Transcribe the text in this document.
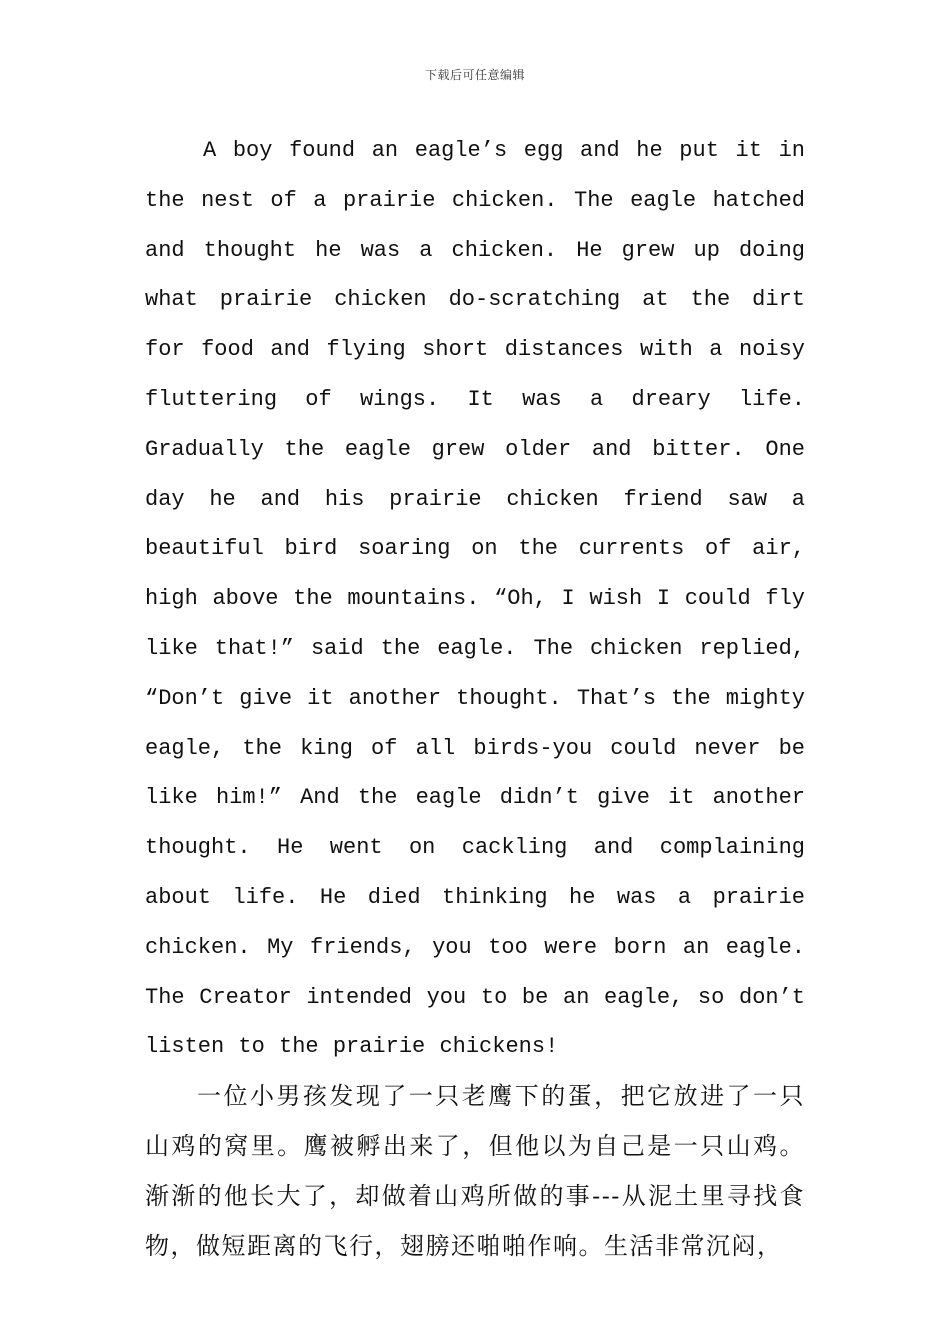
下载后可任意编辑

A boy found an eagle’s egg and he put it in the nest of a prairie chicken. The eagle hatched and thought he was a chicken. He grew up doing what prairie chicken do-scratching at the dirt for food and flying short distances with a noisy fluttering of wings. It was a dreary life. Gradually the eagle grew older and bitter. One day he and his prairie chicken friend saw a beautiful bird soaring on the currents of air, high above the mountains. “Oh, I wish I could fly like that!” said the eagle. The chicken replied, “Don’t give it another thought. That’s the mighty eagle, the king of all birds-you could never be like him!” And the eagle didn’t give it another thought. He went on cackling and complaining about life. He died thinking he was a prairie chicken. My friends, you too were born an eagle. The Creator intended you to be an eagle, so don’t listen to the prairie chickens!

一位小男孩发现了一只老鹰下的蛋，把它放进了一只山鸡的窝里。鹰被孵出来了，但他以为自己是一只山鸡。渐渐的他长大了，却做着山鸡所做的事---从泥土里寻找食物，做短距离的飞行，翅膀还啪啪作响。生活非常沉闷，
